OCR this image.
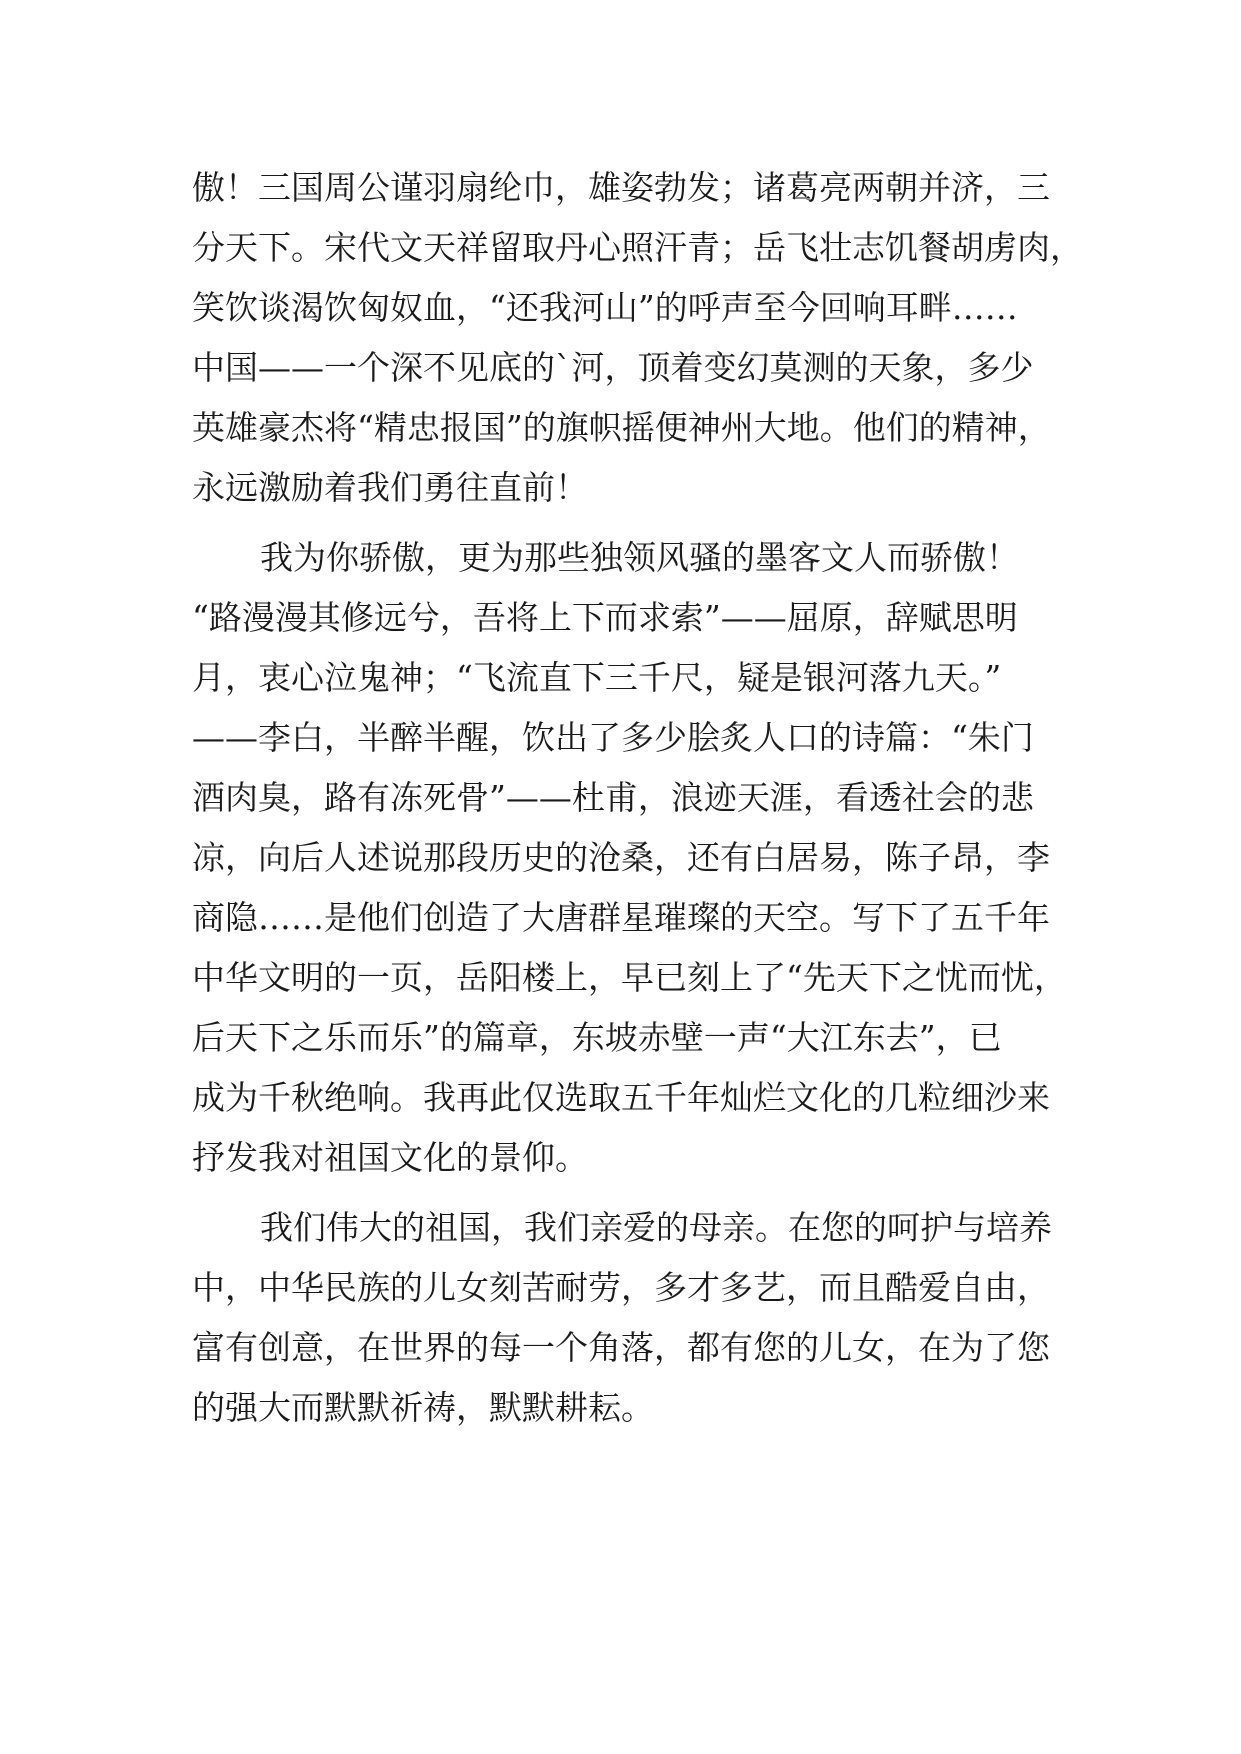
傲！三国周公谨羽扇纶巾，雄姿勃发；诸葛亮两朝并济，三
分天下。宋代文天祥留取丹心照汗青；岳飞壮志饥餐胡虏肉，
笑饮谈渴饮匈奴血，“还我河山”的呼声至今回响耳畔……
中国——一个深不见底的`河，顶着变幻莫测的天象，多少
英雄豪杰将“精忠报国”的旗帜摇便神州大地。他们的精神，
永远激励着我们勇往直前！
我为你骄傲，更为那些独领风骚的墨客文人而骄傲！
“路漫漫其修远兮，吾将上下而求索”——屈原，辞赋思明
月，衷心泣鬼神；“飞流直下三千尺，疑是银河落九天。”
——李白，半醉半醒，饮出了多少脍炙人口的诗篇：“朱门
酒肉臭，路有冻死骨”——杜甫，浪迹天涯，看透社会的悲
凉，向后人述说那段历史的沧桑，还有白居易，陈子昂，李
商隐……是他们创造了大唐群星璀璨的天空。写下了五千年
中华文明的一页，岳阳楼上，早已刻上了“先天下之忧而忧，
后天下之乐而乐”的篇章，东坡赤壁一声“大江东去”，已
成为千秋绝响。我再此仅选取五千年灿烂文化的几粒细沙来
抒发我对祖国文化的景仰。
我们伟大的祖国，我们亲爱的母亲。在您的呵护与培养
中，中华民族的儿女刻苦耐劳，多才多艺，而且酷爱自由，
富有创意，在世界的每一个角落，都有您的儿女，在为了您
的强大而默默祈祷，默默耕耘。
